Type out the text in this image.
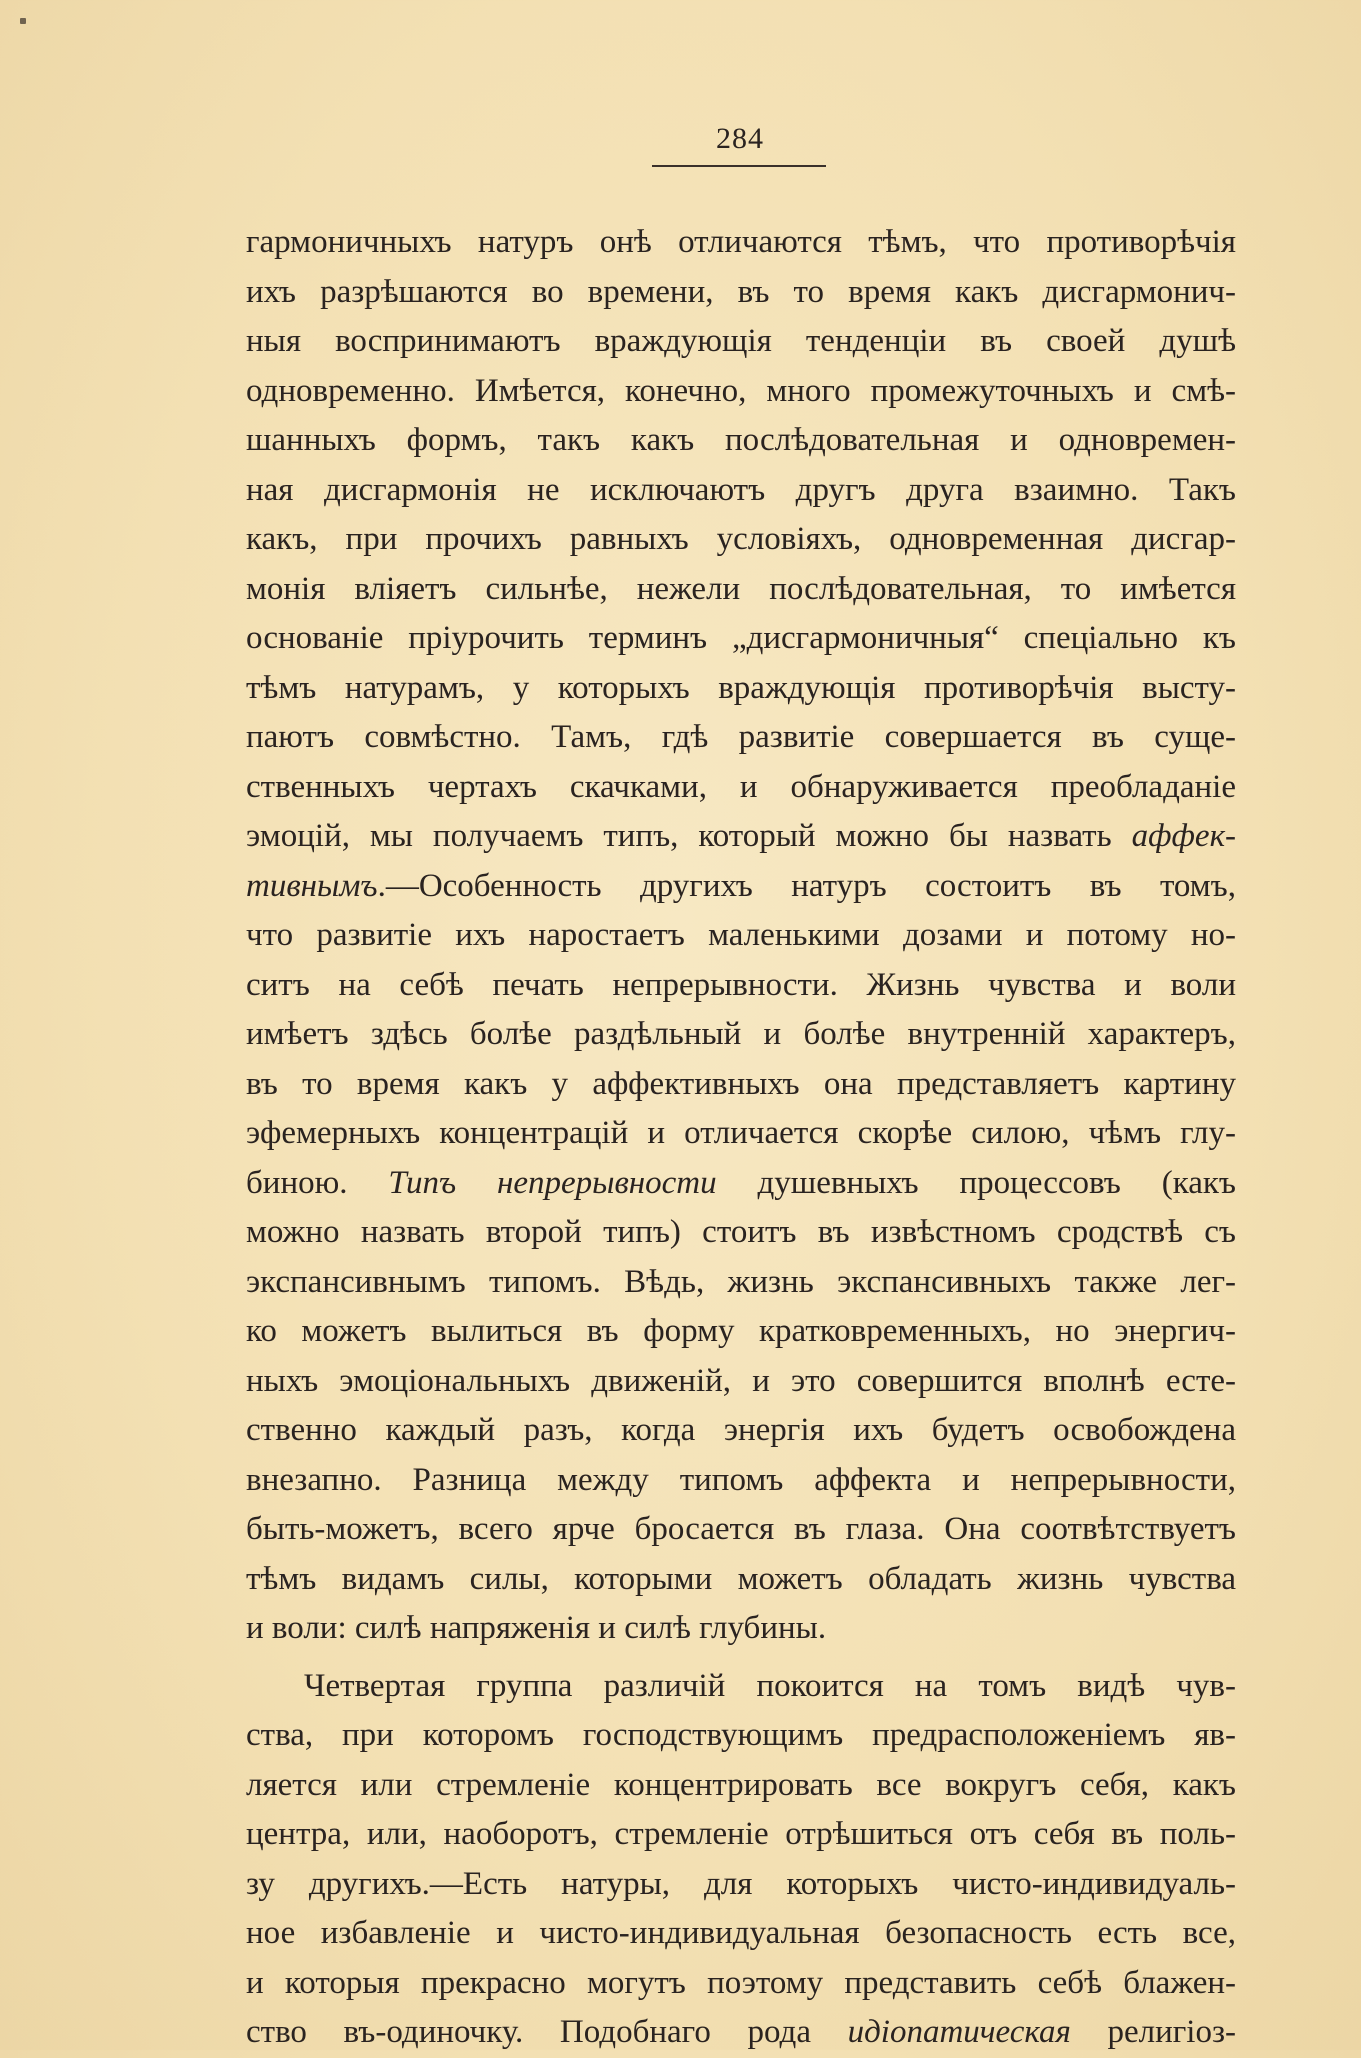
284
гармоничныхъ натуръ онѣ отличаются тѣмъ, что противорѣчія
ихъ разрѣшаются во времени, въ то время какъ дисгармонич-
ныя воспринимаютъ враждующія тенденціи въ своей душѣ
одновременно. Имѣется, конечно, много промежуточныхъ и смѣ-
шанныхъ формъ, такъ какъ послѣдовательная и одновремен-
ная дисгармонія не исключаютъ другъ друга взаимно. Такъ
какъ, при прочихъ равныхъ условіяхъ, одновременная дисгар-
монія вліяетъ сильнѣе, нежели послѣдовательная, то имѣется
основаніе пріурочить терминъ „дисгармоничныя“ спеціально къ
тѣмъ натурамъ, у которыхъ враждующія противорѣчія высту-
паютъ совмѣстно. Тамъ, гдѣ развитіе совершается въ суще-
ственныхъ чертахъ скачками, и обнаруживается преобладаніе
эмоцій, мы получаемъ типъ, который можно бы назвать аффек-
тивнымъ.—Особенность другихъ натуръ состоитъ въ томъ,
что развитіе ихъ наростаетъ маленькими дозами и потому но-
ситъ на себѣ печать непрерывности. Жизнь чувства и воли
имѣетъ здѣсь болѣе раздѣльный и болѣе внутренній характеръ,
въ то время какъ у аффективныхъ она представляетъ картину
эфемерныхъ концентрацій и отличается скорѣе силою, чѣмъ глу-
биною. Типъ непрерывности душевныхъ процессовъ (какъ
можно назвать второй типъ) стоитъ въ извѣстномъ сродствѣ съ
экспансивнымъ типомъ. Вѣдь, жизнь экспансивныхъ также лег-
ко можетъ вылиться въ форму кратковременныхъ, но энергич-
ныхъ эмоціональныхъ движеній, и это совершится вполнѣ есте-
ственно каждый разъ, когда энергія ихъ будетъ освобождена
внезапно. Разница между типомъ аффекта и непрерывности,
быть-можетъ, всего ярче бросается въ глаза. Она соотвѣтствуетъ
тѣмъ видамъ силы, которыми можетъ обладать жизнь чувства
и воли: силѣ напряженія и силѣ глубины.
Четвертая группа различій покоится на томъ видѣ чув-
ства, при которомъ господствующимъ предрасположеніемъ яв-
ляется или стремленіе концентрировать все вокругъ себя, какъ
центра, или, наоборотъ, стремленіе отрѣшиться отъ себя въ поль-
зу другихъ.—Есть натуры, для которыхъ чисто-индивидуаль-
ное избавленіе и чисто-индивидуальная безопасность есть все,
и которыя прекрасно могутъ поэтому представить себѣ блажен-
ство въ-одиночку. Подобнаго рода идіопатическая религіоз-
